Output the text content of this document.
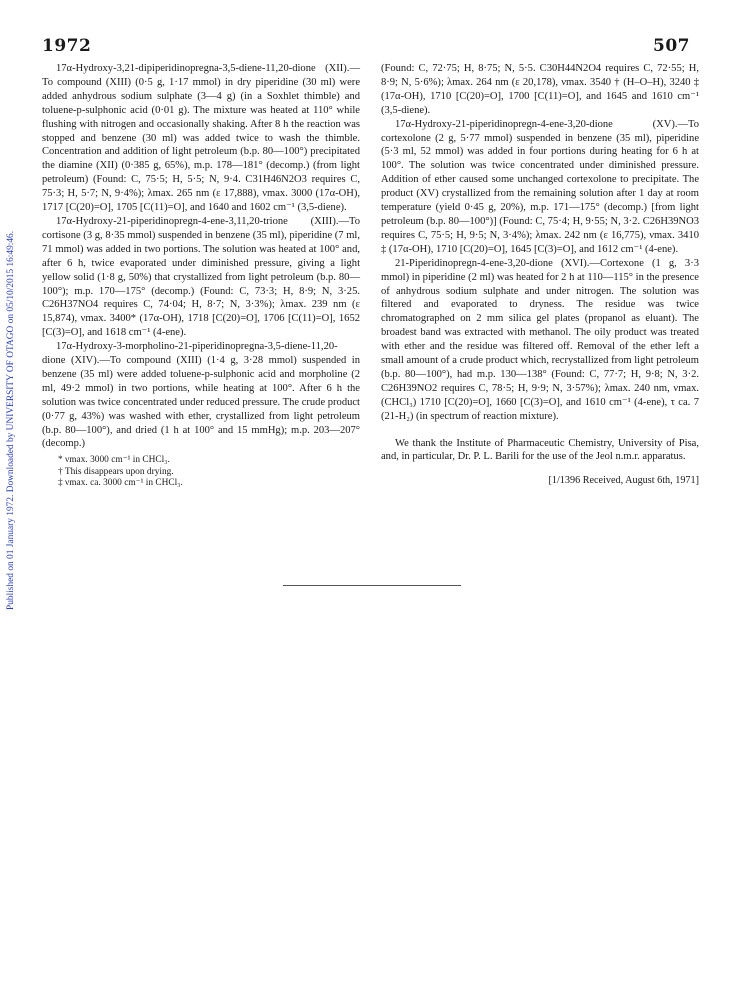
1972	507
Published on 01 January 1972. Downloaded by UNIVERSITY OF OTAGO on 05/10/2015 16:49:46.

17α-Hydroxy-3,21-dipiperidinopregna-3,5-diene-11,20-dione (XII).—To compound (XIII) (0·5 g, 1·17 mmol) in dry piperidine (30 ml) were added anhydrous sodium sulphate (3—4 g) (in a Soxhlet thimble) and toluene-p-sulphonic acid (0·01 g). The mixture was heated at 110° while flushing with nitrogen and occasionally shaking. After 8 h the reaction was stopped and benzene (30 ml) was added twice to wash the thimble. Concentration and addition of light petroleum (b.p. 80—100°) precipitated the diamine (XII) (0·385 g, 65%), m.p. 178—181° (decomp.) (from light petroleum) (Found: C, 75·5; H, 5·5; N, 9·4. C31H46N2O3 requires C, 75·3; H, 5·7; N, 9·4%); λmax. 265 nm (ε 17,888), νmax. 3000 (17α-OH), 1717 [C(20)=O], 1705 [C(11)=O], and 1640 and 1602 cm⁻¹ (3,5-diene).

17α-Hydroxy-21-piperidinopregn-4-ene-3,11,20-trione (XIII).—To cortisone (3 g, 8·35 mmol) suspended in benzene (35 ml), piperidine (7 ml, 71 mmol) was added in two portions. The solution was heated at 100° and, after 6 h, twice evaporated under diminished pressure, giving a light yellow solid (1·8 g, 50%) that crystallized from light petroleum (b.p. 80—100°); m.p. 170—175° (decomp.) (Found: C, 73·3; H, 8·9; N, 3·25. C26H37NO4 requires C, 74·04; H, 8·7; N, 3·3%); λmax. 239 nm (ε 15,874), νmax. 3400* (17α-OH), 1718 [C(20)=O], 1706 [C(11)=O], 1652 [C(3)=O], and 1618 cm⁻¹ (4-ene).

17α-Hydroxy-3-morpholino-21-piperidinopregna-3,5-diene-11,20-dione (XIV).—To compound (XIII) (1·4 g, 3·28 mmol) suspended in benzene (35 ml) were added toluene-p-sulphonic acid and morpholine (2 ml, 49·2 mmol) in two portions, while heating at 100°. After 6 h the solution was twice concentrated under reduced pressure. The crude product (0·77 g, 43%) was washed with ether, crystallized from light petroleum (b.p. 80—100°), and dried (1 h at 100° and 15 mmHg); m.p. 203—207° (decomp.)

* νmax. 3000 cm⁻¹ in CHCl₃.
† This disappears upon drying.
‡ νmax. ca. 3000 cm⁻¹ in CHCl₃.

(Found: C, 72·75; H, 8·75; N, 5·5. C30H44N2O4 requires C, 72·55; H, 8·9; N, 5·6%); λmax. 264 nm (ε 20,178), νmax. 3540 † (H–O–H), 3240 ‡ (17α-OH), 1710 [C(20)=O], 1700 [C(11)=O], and 1645 and 1610 cm⁻¹ (3,5-diene).

17α-Hydroxy-21-piperidinopregn-4-ene-3,20-dione (XV).—To cortexolone (2 g, 5·77 mmol) suspended in benzene (35 ml), piperidine (5·3 ml, 52 mmol) was added in four portions during heating for 6 h at 100°. The solution was twice concentrated under diminished pressure. Addition of ether caused some unchanged cortexolone to precipitate. The product (XV) crystallized from the remaining solution after 1 day at room temperature (yield 0·45 g, 20%), m.p. 171—175° (decomp.) [from light petroleum (b.p. 80—100°)] (Found: C, 75·4; H, 9·55; N, 3·2. C26H39NO3 requires C, 75·5; H, 9·5; N, 3·4%); λmax. 242 nm (ε 16,775), νmax. 3410 ‡ (17α-OH), 1710 [C(20)=O], 1645 [C(3)=O], and 1612 cm⁻¹ (4-ene).

21-Piperidinopregn-4-ene-3,20-dione (XVI).—Cortexone (1 g, 3·3 mmol) in piperidine (2 ml) was heated for 2 h at 110—115° in the presence of anhydrous sodium sulphate and under nitrogen. The solution was filtered and evaporated to dryness. The residue was twice chromatographed on 2 mm silica gel plates (propanol as eluant). The broadest band was extracted with methanol. The oily product was treated with ether and the residue was filtered off. Removal of the ether left a small amount of a crude product which, recrystallized from light petroleum (b.p. 80—100°), had m.p. 130—138° (Found: C, 77·7; H, 9·8; N, 3·2. C26H39NO2 requires C, 78·5; H, 9·9; N, 3·57%); λmax. 240 nm, νmax. (CHCl₃) 1710 [C(20)=O], 1660 [C(3)=O], and 1610 cm⁻¹ (4-ene), τ ca. 7 (21-H₂) (in spectrum of reaction mixture).

We thank the Institute of Pharmaceutic Chemistry, University of Pisa, and, in particular, Dr. P. L. Barili for the use of the Jeol n.m.r. apparatus.

[1/1396 Received, August 6th, 1971]
